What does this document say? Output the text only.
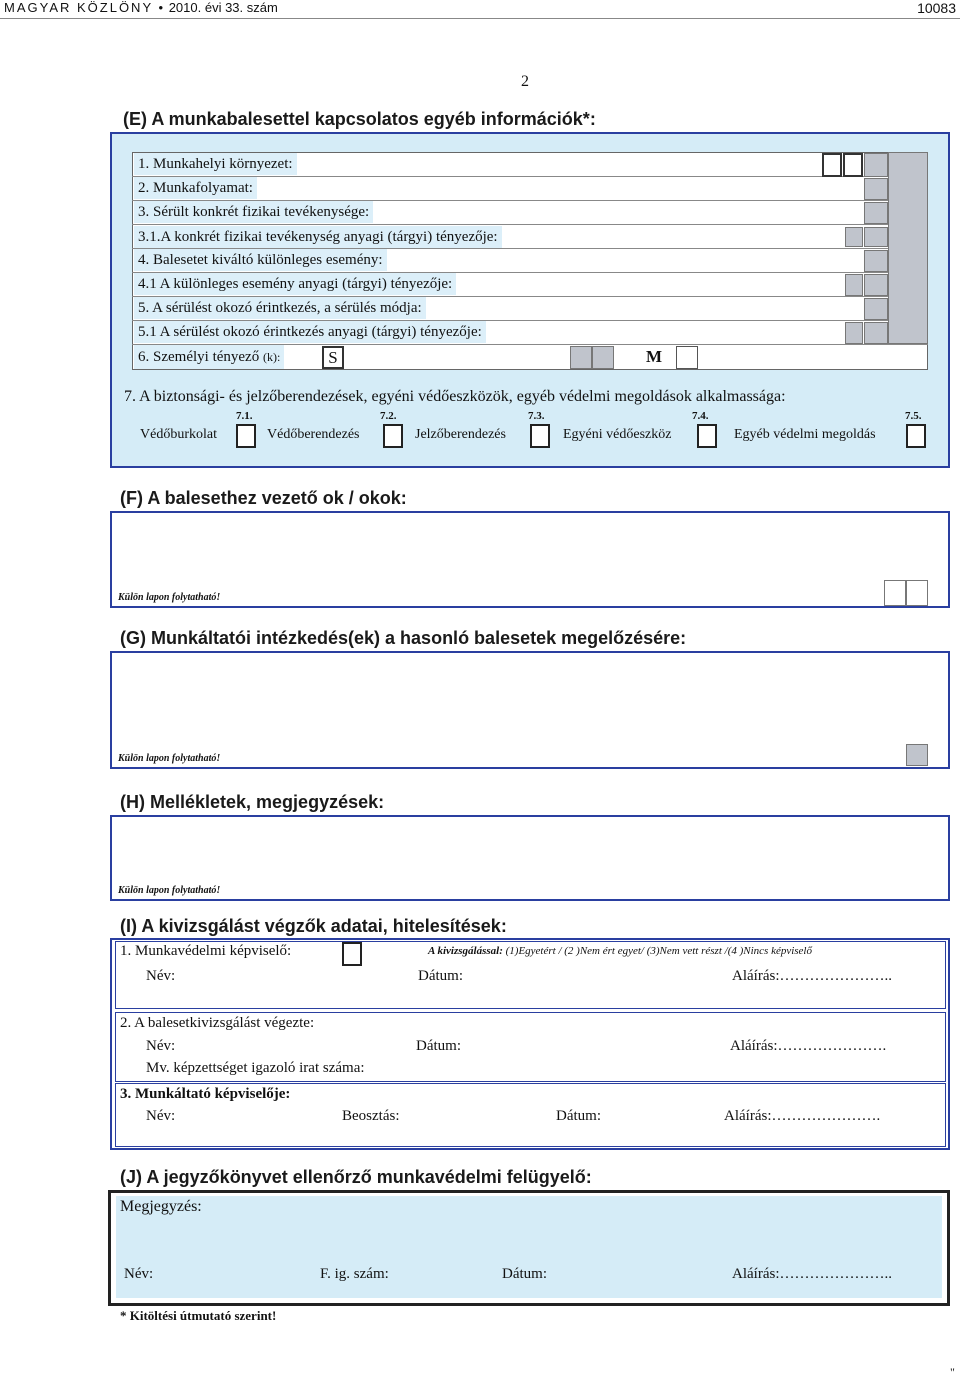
MAGYAR KÖZLÖNY • 2010. évi 33. szám	10083
2
(E) A munkabalesettel kapcsolatos egyéb információk*:
1. Munkahelyi környezet:
2. Munkafolyamat:
3. Sérült konkrét fizikai tevékenysége:
3.1.A konkrét fizikai tevékenység anyagi (tárgyi) tényezője:
4. Balesetet kiváltó különleges esemény:
4.1 A különleges esemény anyagi (tárgyi) tényezője:
5. A sérülést okozó érintkezés, a sérülés módja:
5.1 A sérülést okozó érintkezés anyagi (tárgyi) tényezője:
6. Személyi tényező (k):	S	M
7. A biztonsági- és jelzőberendezések, egyéni védőeszközök, egyéb védelmi megoldások alkalmassága:
7.1.
Védőburkolat
7.2.
Védőberendezés
7.3.
Jelzőberendezés
7.4.
Egyéni védőeszköz
7.5.
Egyéb védelmi megoldás
(F) A balesethez vezető ok / okok:
Külön lapon folytatható!
(G) Munkáltatói intézkedés(ek) a hasonló balesetek megelőzésére:
Külön lapon folytatható!
(H) Mellékletek, megjegyzések:
Külön lapon folytatható!
(I) A kivizsgálást végzők adatai, hitelesítések:
1. Munkavédelmi képviselő:	A kivizsgálással: (1)Egyetért / (2 )Nem ért egyet/ (3)Nem vett részt /(4 )Nincs képviselő
Név:	Dátum:	Aláírás:…………………..
2. A balesetkivizsgálást végezte:
Név:	Dátum:	Aláírás:………………….
Mv. képzettséget igazoló irat száma:
3. Munkáltató képviselője:
Név:	Beosztás:	Dátum:	Aláírás:………………….
(J) A jegyzőkönyvet ellenőrző munkavédelmi felügyelő:
Megjegyzés:
Név:	F. ig. szám:	Dátum:	Aláírás:…………………..
* Kitöltési útmutató szerint!
"
